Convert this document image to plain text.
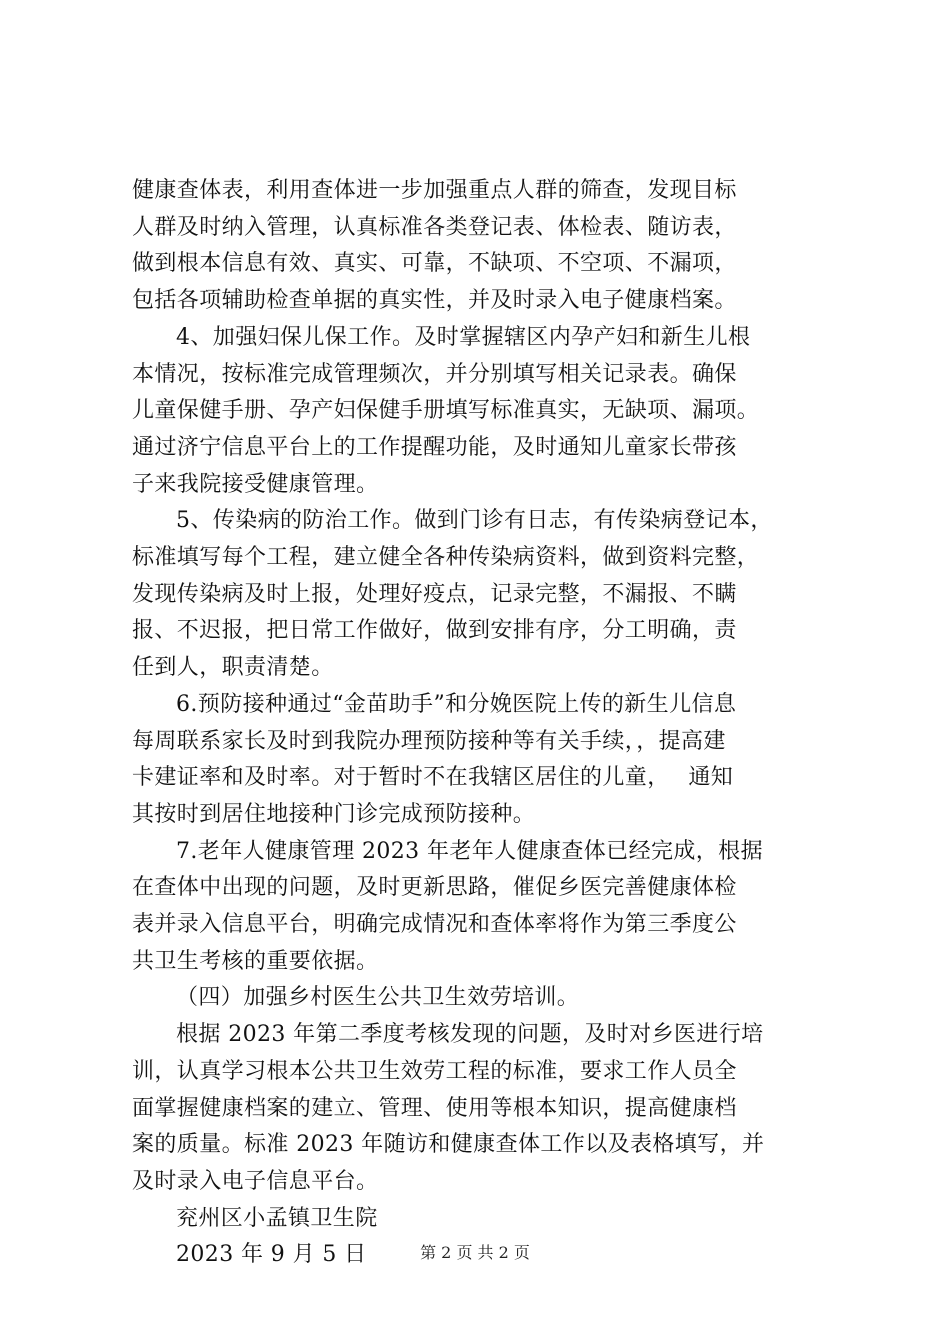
健康查体表，利用查体进一步加强重点人群的筛查，发现目标
人群及时纳入管理，认真标准各类登记表、体检表、随访表，
做到根本信息有效、真实、可靠，不缺项、不空项、不漏项，
包括各项辅助检查单据的真实性，并及时录入电子健康档案。
4、加强妇保儿保工作。及时掌握辖区内孕产妇和新生儿根
本情况，按标准完成管理频次，并分别填写相关记录表。确保
儿童保健手册、孕产妇保健手册填写标准真实，无缺项、漏项。
通过济宁信息平台上的工作提醒功能，及时通知儿童家长带孩
子来我院接受健康管理。
5、传染病的防治工作。做到门诊有日志，有传染病登记本，
标准填写每个工程，建立健全各种传染病资料，做到资料完整，
发现传染病及时上报，处理好疫点，记录完整，不漏报、不瞒
报、不迟报，把日常工作做好，做到安排有序，分工明确，责
任到人，职责清楚。
6.预防接种通过“金苗助手”和分娩医院上传的新生儿信息
每周联系家长及时到我院办理预防接种等有关手续，，提高建
卡建证率和及时率。对于暂时不在我辖区居住的儿童，　 通知
其按时到居住地接种门诊完成预防接种。
7.老年人健康管理 2023 年老年人健康查体已经完成，根据
在查体中出现的问题，及时更新思路，催促乡医完善健康体检
表并录入信息平台，明确完成情况和查体率将作为第三季度公
共卫生考核的重要依据。
（四）加强乡村医生公共卫生效劳培训。
根据 2023 年第二季度考核发现的问题，及时对乡医进行培
训，认真学习根本公共卫生效劳工程的标准，要求工作人员全
面掌握健康档案的建立、管理、使用等根本知识，提高健康档
案的质量。标准 2023 年随访和健康查体工作以及表格填写，并
及时录入电子信息平台。
兖州区小孟镇卫生院
2023 年 9 月 5 日	第 2 页 共 2 页
